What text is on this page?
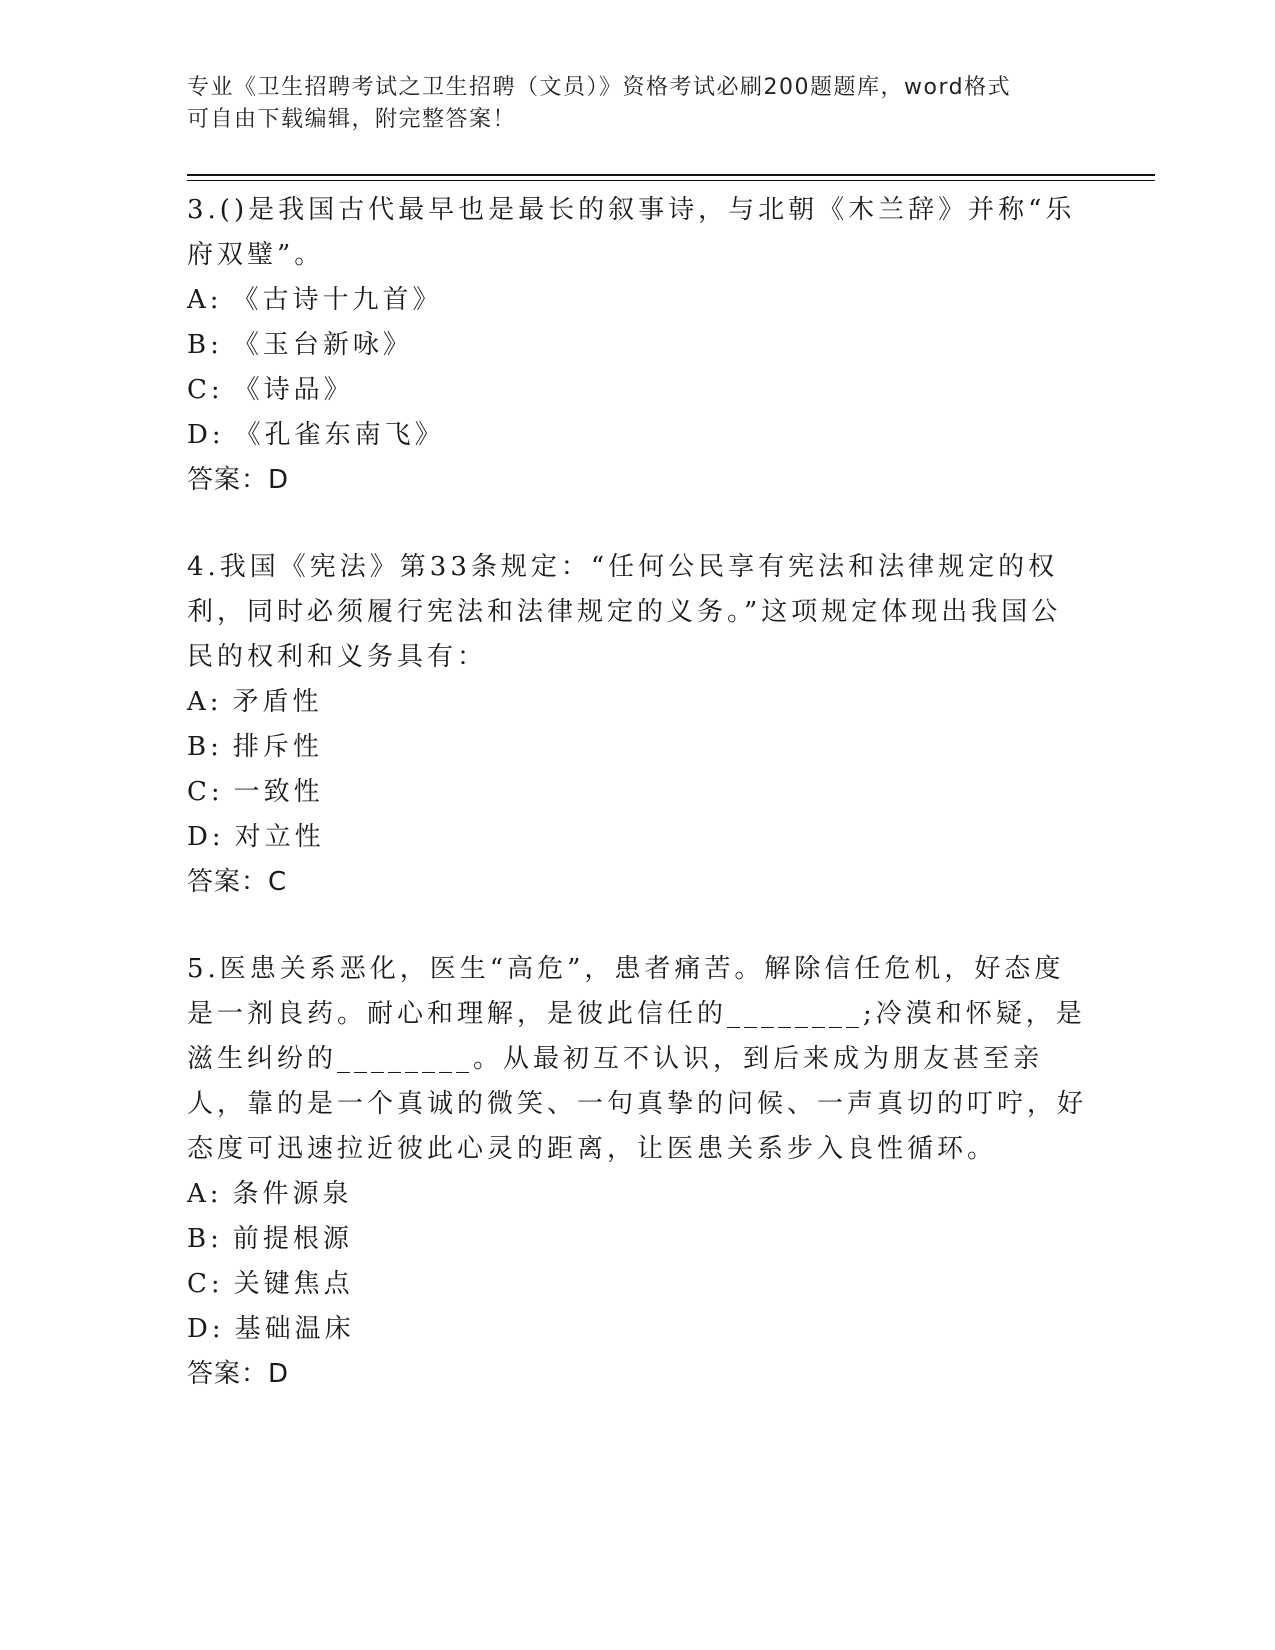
专业《卫生招聘考试之卫生招聘（文员）》资格考试必刷200题题库，word格式
可自由下载编辑，附完整答案！

3.()是我国古代最早也是最长的叙事诗，与北朝《木兰辞》并称“乐府双璧”。

A: 《古诗十九首》

B: 《玉台新咏》

C: 《诗品》

D: 《孔雀东南飞》

答案：D

4.我国《宪法》第33条规定：“任何公民享有宪法和法律规定的权利，同时必须履行宪法和法律规定的义务。”这项规定体现出我国公民的权利和义务具有：

A: 矛盾性

B: 排斥性

C: 一致性

D: 对立性

答案：C

5.医患关系恶化，医生“高危”，患者痛苦。解除信任危机，好态度是一剂良药。耐心和理解，是彼此信任的________;冷漠和怀疑，是滋生纠纷的________。从最初互不认识，到后来成为朋友甚至亲人，靠的是一个真诚的微笑、一句真挚的问候、一声真切的叮咛，好态度可迅速拉近彼此心灵的距离，让医患关系步入良性循环。

A: 条件源泉

B: 前提根源

C: 关键焦点

D: 基础温床

答案：D
